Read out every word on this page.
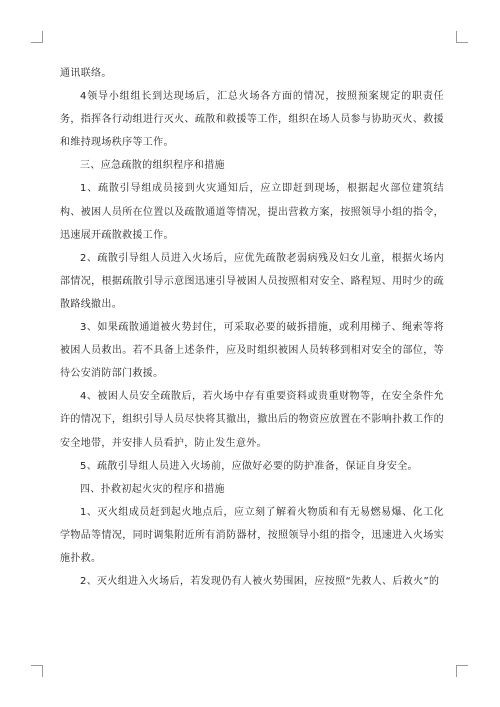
通讯联络。

4领导小组组长到达现场后，汇总火场各方面的情况，按照预案规定的职责任务，指挥各行动组进行灭火、疏散和救援等工作，组织在场人员参与协助灭火、救援和维持现场秩序等工作。

三、应急疏散的组织程序和措施

1、疏散引导组成员接到火灾通知后，应立即赶到现场，根据起火部位建筑结构、被困人员所在位置以及疏散通道等情况，提出营救方案，按照领导小组的指令，迅速展开疏散救援工作。

2、疏散引导组人员进入火场后，应优先疏散老弱病残及妇女儿童，根据火场内部情况，根据疏散引导示意图迅速引导被困人员按照相对安全、路程短、用时少的疏散路线撤出。

3、如果疏散通道被火势封住，可采取必要的破拆措施，或利用梯子、绳索等将被困人员救出。若不具备上述条件，应及时组织被困人员转移到相对安全的部位，等待公安消防部门救援。

4、被困人员安全疏散后，若火场中存有重要资料或贵重财物等，在安全条件允许的情况下，组织引导人员尽快将其撤出，撤出后的物资应放置在不影响扑救工作的安全地带，并安排人员看护，防止发生意外。

5、疏散引导组人员进入火场前，应做好必要的防护准备，保证自身安全。

四、扑救初起火灾的程序和措施

1、灭火组成员赶到起火地点后，应立刻了解着火物质和有无易燃易爆、化工化学物品等情况，同时调集附近所有消防器材，按照领导小组的指令，迅速进入火场实施扑救。

2、灭火组进入火场后，若发现仍有人被火势围困，应按照“先救人、后救火”的
